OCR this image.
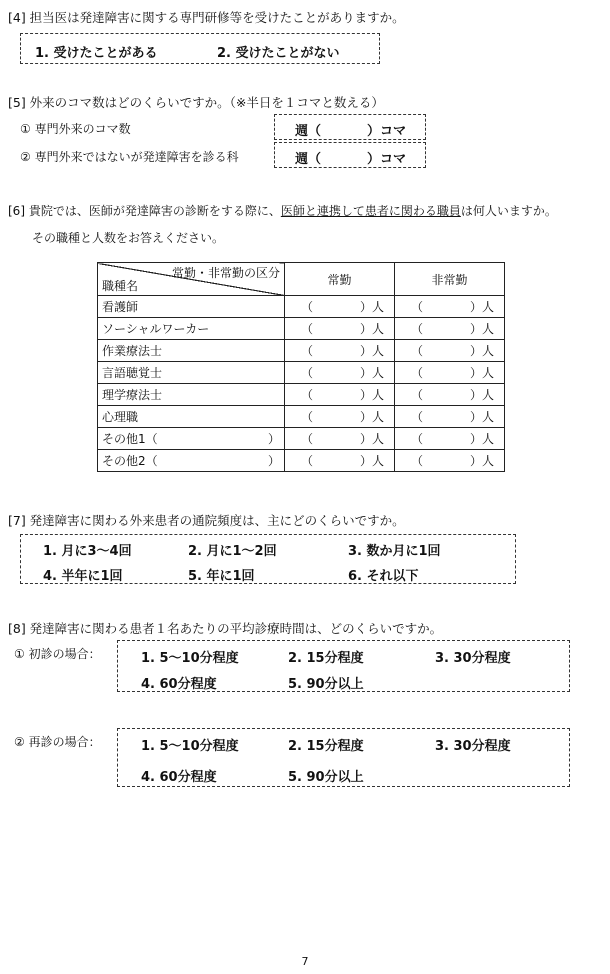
[4] 担当医は発達障害に関する専門研修等を受けたことがありますか。
1. 受けたことがある	2. 受けたことがない
[5] 外来のコマ数はどのくらいですか。（※半日を１コマと数える）
① 専門外来のコマ数	週（	）コマ
② 専門外来ではないが発達障害を診る科	週（	）コマ
[6] 貴院では、医師が発達障害の診断をする際に、医師と連携して患者に関わる職員は何人いますか。
その職種と人数をお答えください。
常勤・非常勤の区分
職種名	常勤	非常勤

看護師	（ ）人	（ ）人

ソーシャルワーカー	（ ）人	（ ）人

作業療法士	（ ）人	（ ）人

言語聴覚士	（ ）人	（ ）人

理学療法士	（ ）人	（ ）人

心理職	（ ）人	（ ）人

その他1（ ）	（ ）人	（ ）人

その他2（ ）	（ ）人	（ ）人
[7] 発達障害に関わる外来患者の通院頻度は、主にどのくらいですか。
1. 月に3～4回	2. 月に1～2回	3. 数か月に1回
4. 半年に1回	5. 年に1回	6. それ以下
[8] 発達障害に関わる患者１名あたりの平均診療時間は、どのくらいですか。
① 初診の場合：	1. 5～10分程度	2. 15分程度	3. 30分程度
4. 60分程度	5. 90分以上
② 再診の場合：	1. 5～10分程度	2. 15分程度	3. 30分程度
4. 60分程度	5. 90分以上
7
